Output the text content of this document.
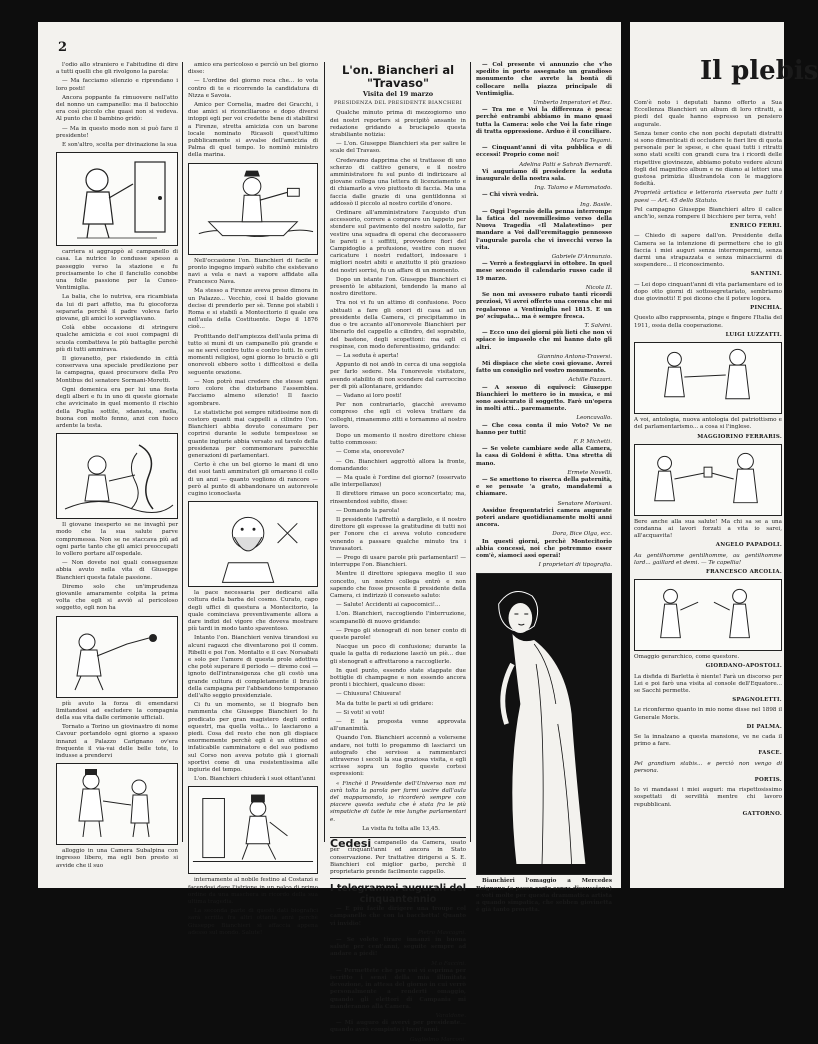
2

l'odio allo straniero e l'abitudine di dire a tutti quelli che gli rivolgono la parola:

— Ma facciamo silenzio e riprendano i loro posti!

Ancora poppante fa rimuovere nell'atto del nonno un campanello: ma il batocchio era così piccolo che quasi non si vedeva. Al punto che il bambino gridò:

— Ma in questo modo non si può fare il presidente!

E son'altro, scelta per divinazione la sua

carriera si aggrappò al campanello di casa. La nutrice lo condusse spesso a passeggio verso la stazione e fu precisamente lo che il fanciullo conobbe una folle passione per la Cuneo-Ventimiglia.

La balia, che lo nutriva, era ricambiata da lui di pari affetto, ma fu giocoforza separarla perchè il padre voleva farlo giovane, gli amici lo sorvegliavano.

Colà ebbe occasione di stringere qualche amicizia e coi suoi compagni di scuola combatteva le più battaglie perchè più di tutti ammirava.

Il giovanetto, per risiedendo in città conservava una speciale predilezione per la campagna, quasi precursore della Pro Montibus del senatore Sormani-Moretti.

Ogni domenica era per lui una festa degli alberi e fu in uno di queste giornate che avvicinato in quel momento il rischio della Puglia sottile, sdanesta, snella, buona con molto fenno, anzi con fuoco ardente la testa.

Il giovane inesperto se ne invaghì per modo che la sua salute parve compromessa. Non se ne staccava più ad ogni parte tanto che gli amici preoccupati lo vollero portare all'ospedale.

— Non dovete noi quali conseguenze abbia avuto nella vita di Giuseppe Bianchieri questa fatale passione.

Diremo solo che un'imprudenza giovanile amaramente colpita la prima volta che egli si avviò al pericoloso soggetto, egli non ha

più avuto la forza di emendarsi limitandosi ad escludere la compagnia della sua vita dalle cerimonie ufficiali.

Tornato a Torino un giovinastro di nome Cavour portandolo ogni giorno a spasso innanzi a Palazzo Carignano ov'era frequente il via-vai delle belle tote, lo indusse a prendervi

alloggio in una Camera Subalpina con ingresso libero, ma egli ben presto si avvide che il suo

amico era pericoloso e perciò un bel giorno disse:

— L'ordine del giorno reca che... io vota contro di te e ricorrendo la candidatura di Nizza e Savoia.

Amico per Cornelia, madre dei Gracchi, i due amici si riconciliarono e dopo diversi intoppi egli per voi credette bene di stabilirsi a Firenze, stretta amicizia con un barone locale nominato Ricasoli quest'ultimo pubblicamente si avvalse dell'amicizia di Palma di quel tempo. Io nominò ministro della marina.

Nell'occasione l'on. Bianchieri di facile e pronto ingegno imparò subito che esistevano navi a vela e navi a vapore affidate alla Francesco Nava.

Ma stesso a Firenze aveva preso dimora in un Palazzo... Vecchio, così il baldo giovane decise di prenderlo per sè. Tenne poi stabili i Roma e si stabilì a Montecitorio il quale ora nell'aula della Costituente. Dopo il 1876 cioè...

Profittando dell'ampiezza dell'aula prima di tutto si munì di un campanello più grande e se ne servì contro tutto e contro tutti. In certi momenti religiosi, ogni giorno lo bruciò e gli onorevoli ebbero sotto i difficoltosi e della seguente orazione.

— Non potrò mai credere che stesse ogni loro colore che disturbano l'assemblea. Facciamo almeno silenzio! Il fascio sgombrare.

Le statistiche poi sempre nitidissime non di costoro quanti mai cappelli a cilindro l'on. Bianchieri abbia dovuto consumare per coprirsi durante le sedute tempestose se quante ingiurie abbia versato sul tavolo della presidenza per commemorare parecchie generazioni di parlamentari.

Certo è che un bel giorno le mani di uno dei suoi tanti ammiratori gli ornarono il collo di un anzi — quanto vogliono di rancore — però al punto di abbandonare un autorevole cugino iconoclasta

la pace necessaria per dedicarsi alla coltura della barba del cosmo. Curato, capo degli uffici di questura a Montecitorio, la quale cominciava preventivamente allora a dare indizi del vigore che doveva mostrare più tardi in modo tanto spaventoso.

Intanto l'on. Bianchieri veniva tirandosi su alcuni ragazzi che diventarono poi il comm. Ribelli e poi l'on. Montalto e il cav. Norsabati e solo per l'amore di questa prole adottiva che potè superare il periodo — diremo così — ignoto dell'intransigenza che gli costò una grande cultura di completamente il bruciò della campagna per l'abbandono temporaneo dell'alto seggio presidenziale.

Ci fu un momento, se il biografo ben rammenta che Giuseppe Bianchieri lo fu predicato per gran magistero degli ordini equestri, ma quella volta... lo lasciarono a piedi. Cosa del resto che non gli dispiace enormemente perchè egli è un ottimo ed infaticabile camminatore e del suo podismo sul Corso non aveva potuto già i giornali sportivi come di una resistentissima alle ingiurie del tempo.

L'on. Bianchieri chiuderà i suoi ottant'anni

internamente al nobile festino al Costanzi e facendosi dare l'istrione in un palco di primo ordine da una maschera in ricordo della sua ultima tragedia.

La seconda parte di questi dati biografici sarà scritta fra altri ottanta anni perchè Giuseppe Bianchieri si affaccia appena adesso sul mondo. Salute!

L'on. Biancheri al "Travaso"
Visita del 19 marzo
PRESIDENZA DEL PRESIDENTE BIANCHERI

Qualche minuto prima di mezzogiorno uno dei nostri reporters si precipitò ansante in redazione gridando a bruciapelo questa strabiliante notizia:

— L'on. Giuseppe Bianchieri sta per salire le scale del Travaso.

Credevamo dapprima che si trattasse di uno scherzo di cattivo genere, e il nostro amministratore fu sul punto di indirizzare al giovane collega una lettera di licenziamento e di chiamarlo a vivo piuttosto di faccia. Ma una faccia dalle grazie di una gentildonna si addossò il piccolo al nostro cortile d'onore.

Ordinare all'amministratore l'acquisto d'un accessorio, correre a comprare un tappeto per stendere sul pavimento del nostro salotto, far vestire una squadra di operai che decorassero le pareti e i soffitti, provvedere fiori del Campidoglio a profusione, vestire con nuove caricature i nostri redattori, indossare i migliori nostri abiti e anzitutto il più grazioso dei nostri sorrisi, fu un affare di un momento.

Dopo un istante l'on. Giuseppe Bianchieri ci presentò le abitazioni, tendendo la mano al nostro direttore.

Tra noi vi fu un attimo di confusione. Poco abituati a fare gli onori di casa ad un presidente della Camera, ci precipitammo in due o tre accanto all'onorevole Bianchieri per liberarlo del cappello a cilindro, del soprabito, del bastone, degli scopettoni: ma egli ci respinse, con modo deferentissimo, gridando:

— La seduta è aperta!

Appunto di noi andò in cerca di una seggiola per farlo sedere. Ma l'onorevole visitatore, avendo stabilito di non scendere dal carroccino per di più allontanare, gridando:

— Vadano ai loro posti!

Per non contrariarlo, giacchè avevamo compreso che egli ci voleva trattare da colleghi, rimanemmo zitti e tornammo al nostro lavoro.

Dopo un momento il nostro direttore chiese tutto commosso:

— Come sta, onorevole?

— On. Bianchieri aggrottò allora la fronte, domandando:

— Ma quale è l'ordine del giorno? (osservato alle interpellanze)

Il direttore rimase un poco sconcertato; ma, rinsentendosi subito, disse:

— Domando la parola!

Il presidente l'affrettò a darglielo, e il nostro direttore gli espresse la gratitudine di tutti noi per l'onore che ci aveva voluto concedere venendo a passare qualche minuto tra i travasatori.

— Prego di usare parole più parlamentari! — interruppe l'on. Bianchieri.

Mentre il direttore spiegava meglio il suo concetto, un nostro collega entrò e non sapendo che fosse presente il presidente della Camera, ci indirizzò il consueto saluto:

— Salute! Accidenti ai capocomici!...

L'on. Bianchieri, raccogliendo l'interruzione, scampanellò di nuovo gridando:

— Prego gli stenografi di non tener conto di queste parole!

Nacque un poco di confusione; durante la quale la gatta di redazione lasciò un piè... due gli stenografi e affrettarono a raccoglierle.

In quel punto, essendo state stappate due bottiglie di champagne e non essendo ancora pronti i bicchieri, qualcuno disse:

— Chiusura! Chiusura!

Ma da tutte le parti si udì gridare:

— Si voti! si voti!

— E la proposta venne approvata all'unanimità.

Quando l'on. Bianchieri accennò a volersene andare, noi tutti lo pregammo di lasciarci un autografo che servisse a rammentarci attraverso i secoli la sua graziosa visita, e egli scrisse sopra un foglio queste cortesi espressioni:

« Finchè il Presidente dell'Universo non mi avrà tolta la parola per farmi uscire dall'aula del mappamondo, io ricorderò sempre con piacere questa seduta che è stata fra le più simpatiche di tutte le mie lunghe parlamentari e.

La visita fu tolta alle 13,45.

Cedesi campanello da Camera, usato per cinquant'anni ed ancora in Stato conservazione. Per trattative dirigersi a S. E. Bianchieri col miglior garbo, perchè il proprietario prende facilmente cappello.
I telegrammi augurali del cinquantennio

— E più facile dirigere una troupe col campanello che con la bacchetta! Quanto vi invidio!

Pietro Mascagni.

— Se volete tirare innanzi in buona salute per cent'anni, seguite sempre ad andare a piedi!

M.o Faccini.

— Permettete che per voi vi esprima per iscritto i sensi della mia illimitata devozione, in attesa del giorno in cui verrò personalmente a renderti omaggio, quando gli elettori di Campania mi manderanno alla Camera.

Varaldone.

— Mi auguro di avervi per presidente... quando avrò compiuto i trent'anni.

Guglielmo Marconi.

— Col presente vi annunzio che v'ho spedito in porto assegnato un grandioso monumento che avrete la bontà di collocare nella piazza principale di Ventimiglia.

Umberto Imperatori et Rez.

— Tra me e Voi la differenza è poca: perchè entrambi abbiamo in mano quasi tutta la Camera: solo che Voi la fate ringe di tratta oppressione. Arduo è il conciliare.

Maria Tegami.

— Cinquant'anni di vita pubblica e di eccessi! Proprio come noi!

Adelina Patti e Sahrah Bernardt.

Vi auguriamo di presiedere la seduta inaugurale della nostra sala.

Ing. Talamo e Mammatodo.

— Chi vivrà vedrà.

Ing. Basile.

— Oggi l'operaio della penna interrompe la fatica del novemillesimo verso della Nuova Tragedia «Il Malatestino» per mandare a Voi dall'eremitaggio pennosso l'augurale parola che vi invecchi verso la vita.

Gabriele D'Annunzio.

— Verrò a festeggiarvi in ottobre. In quel mese secondo il calendario russo cade il 19 marzo.

Nicola II.

Se non mi avessero rubato tanti ricordi preziosi, Vi avrei offerto una corona che mi regalarono a Ventimiglia nel 1815. E un po' sciupata... ma è sempre fresca.

T. Salvini.

— Ecco uno dei giorni più lieti che non vi spiace io impasolo che mi hanno dato gli altri.

Giannino Antona-Traversi.

Mi dispiace che siete così giovane. Avrei fatto un consiglio nel vostro monumento.

Achille Fazzari.

— A sessuo di equivoci: Giuseppe Bianchieri lo mettero io in musica, e mi sono assicurato il soggetto. Farò un'opera in molti atti... paremamente.

Leoncavallo.

— Che cosa conta il mio Voto? Ve ne hanno per tutti!

F. P. Michetti.

— Se volete cambiare sede alla Camera, la casa di Goldoni è sfitta. Una stretta di mano.

Ermete Novelli.

— Se smettono to riserca della paternità, e se pensate 'a grato, mandatemi a chiamare.

Senatore Morisani.

Assidue frequentatrici camera augurate poteri andare quotidianamente molti anni ancora.

Dora, Bice Olga, ecc.

In questi giorni, perchè Montecitorio abbia concessi, noi che potremmo esser com'è, siamoci assi operai!

I proprietari di tipografia.

Bianchieri l'omaggio a Mercedes Brignone (a passo certo senza discussione) e voti molte per questa drammatica artista a quando simpatica, che sebben giovinetta è già tanto provetta.

Il plebis

Com'è noto i deputati hanno offerto a Sua Eccellenza Bianchieri un album di loro ritratti, a piedi del quale hanno espresso un pensiero augurale.

Senza tener conto che non pochi deputati distratti si sono dimenticati di occludere le fieri lire di quota personale per le spese, e che quasi tutti i ritratti sono stati scelti con grandi cura tra i ricordi delle rispettive giovinezze, abbiamo potuto vedere alcuni fogli del magnifico album e ne diamo ai lettori una gustosa primizia illustrandola con le maggiore fedeltà.

Proprietà artistica e letteraria riservata per tutti i paesi — Art. 45 dello Statuto.

Pel campagno Giuseppe Bianchieri altro il calice anch'io, senza rompere il bicchiere per terra, veh!

ENRICO FERRI.

— Chiedo di sapere dall'on. Presidente della Camera se la intenzione di permettere che io gli faccia i miei auguri senza interrompermi, senza darmi una strapazzata e senza minacciarmi di sospendere... il riconoscimento.

SANTINI.

— Lei dopo cinquant'anni di vita parlamentare ed io dopo otto giorni di sottosegretariato, sembriamo due giovinotti! E poi dicono che il potere logora.

PINCHIA.

Questo albo rappresenta, pinge e fingere l'Italia del 1911, ossia della cooperazione.

LUIGI LUZZATTI.

A voi, antologia, nuova antologia del patriottismo e del parlamentarismo... a cosa si l'inglese.

MAGGIORINO FERRARIS.

Bere anche alla sua salute! Ma chi sa se a una condanna ai lavori forzati a vita io sarei, all'acquavita!

ANGELO PAPADOLI.

Au gentilhomme gentilhomme, au gentilhomme lard... gaillard et demi. — Te capellia!

FRANCESCO ARCOLIA.

Omaggio gerarchico, come questore.

GIORDANO-APOSTOLI.

La disfida di Barletta è niente! Farà un discorso per Lei e poi farò una visita al console dell'Equatore... se Sacchi permette.

SPAGNOLETTI.

Le riconfermo quanto in mio nome disse nel 1898 il Generale Moris.

DI PALMA.

Se la innalzano a questa mansione, ve ne cada il primo a fare.

FASCE.

Pel grandium stabis... e perciò non vengo di persona.

PORTIS.

Io vi mandassi i miei auguri: ma rispettosissimo sospettati di servilità mentre chi lavoro repubblicani.

GATTORNO.
